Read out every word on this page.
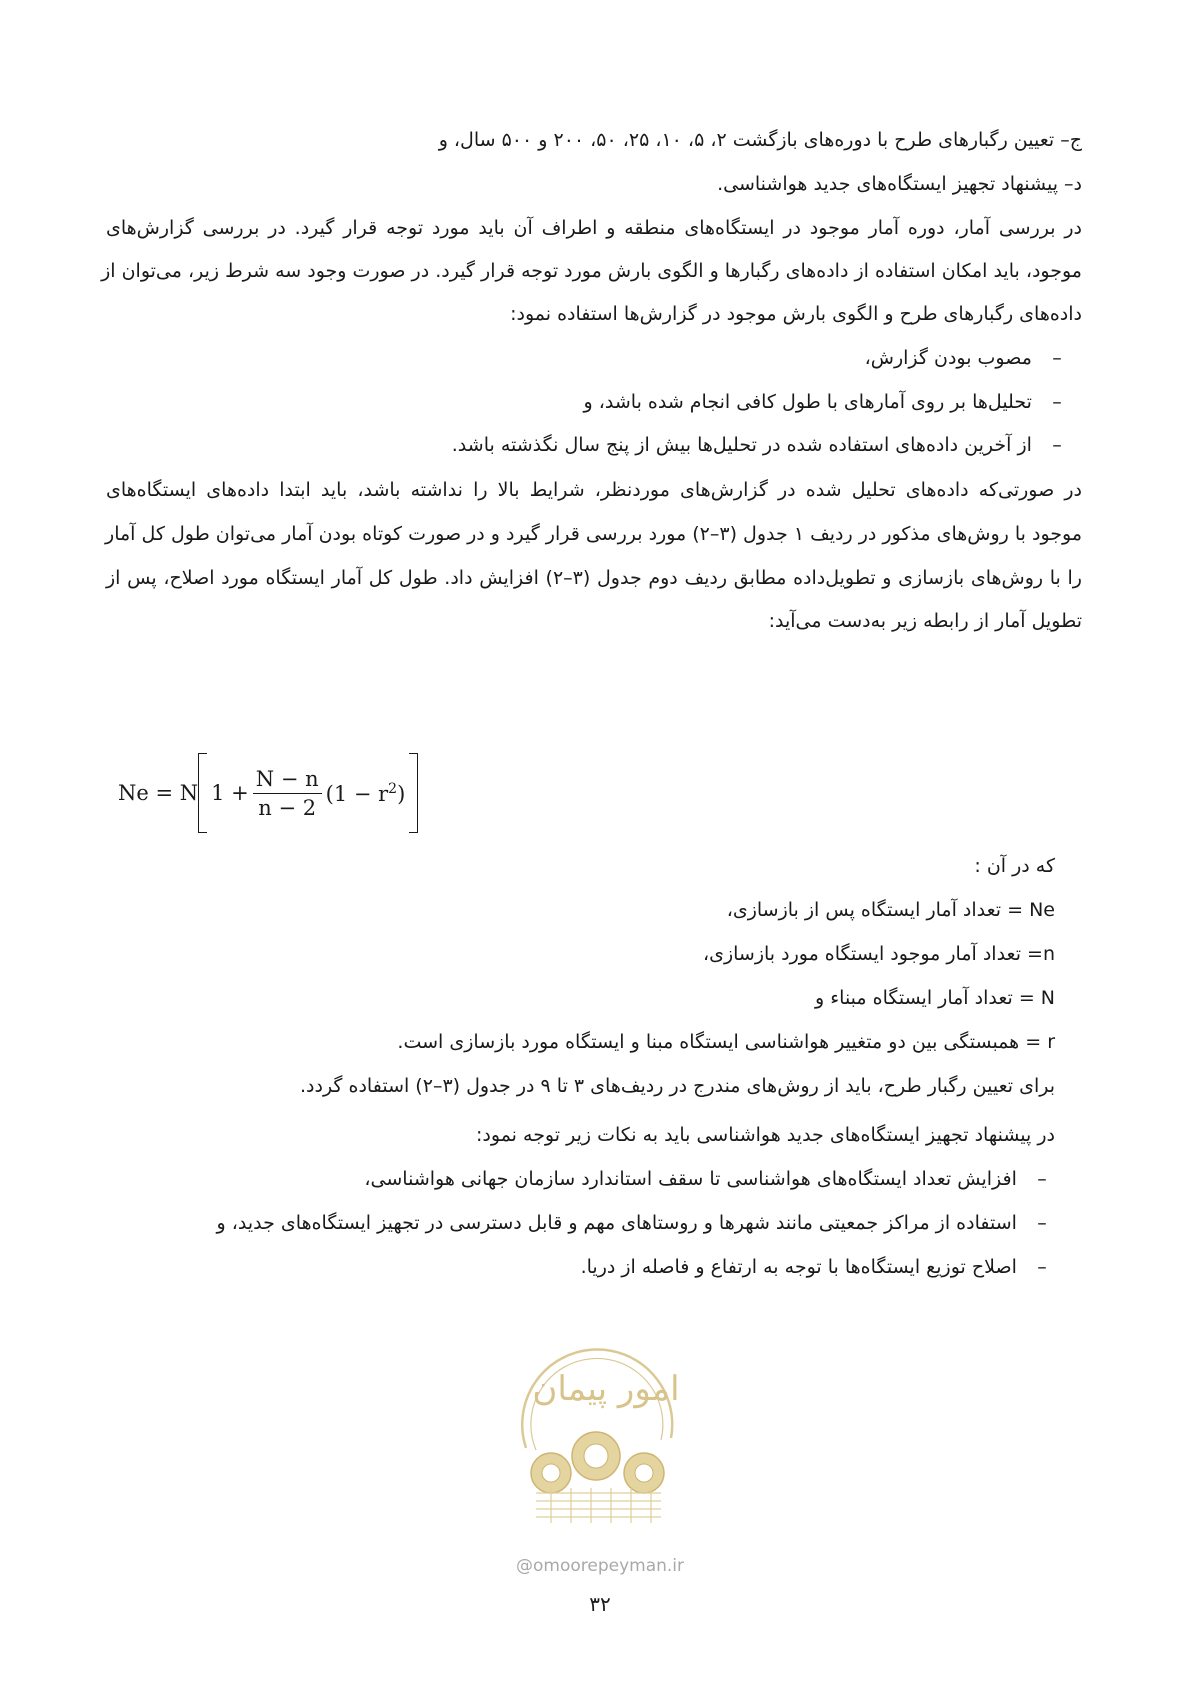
ج– تعیین رگبارهای طرح با دوره‌های بازگشت ۲، ۵، ۱۰، ۲۵، ۵۰، ۲۰۰ و ۵۰۰ سال، و
د– پیشنهاد تجهیز ایستگاه‌های جدید هواشناسی.
در بررسی آمار، دوره آمار موجود در ایستگاه‌های منطقه و اطراف آن باید مورد توجه قرار گیرد. در بررسی گزارش‌های
موجود، باید امکان استفاده از داده‌های رگبارها و الگوی بارش مورد توجه قرار گیرد. در صورت وجود سه شرط زیر، می‌توان از
داده‌های رگبارهای طرح و الگوی بارش موجود در گزارش‌ها استفاده نمود:
–  مصوب بودن گزارش،
–  تحلیل‌ها بر روی آمارهای با طول کافی انجام شده باشد، و
–  از آخرین داده‌های استفاده شده در تحلیل‌ها بیش از پنج سال نگذشته باشد.
در صورتی‌که داده‌های تحلیل شده در گزارش‌های موردنظر، شرایط بالا را نداشته باشد، باید ابتدا داده‌های ایستگاه‌های
موجود با روش‌های مذکور در ردیف ۱ جدول (۳–۲) مورد بررسی قرار گیرد و در صورت کوتاه بودن آمار می‌توان طول کل آمار
را با روش‌های بازسازی و تطویل‌داده مطابق ردیف دوم جدول (۳–۲) افزایش داد. طول کل آمار ایستگاه مورد اصلاح، پس از
تطویل آمار از رابطه زیر به‌دست می‌آید:
Ne = N $1 + \frac{N - n}{n - 2} (1 - r^2)$
که در آن :
Ne = تعداد آمار ایستگاه پس از بازسازی،
n= تعداد آمار موجود ایستگاه مورد بازسازی،
N = تعداد آمار ایستگاه مبناء و
r = همبستگی بین دو متغییر هواشناسی ایستگاه مبنا و ایستگاه مورد بازسازی است.
برای تعیین رگبار طرح، باید از روش‌های مندرج در ردیف‌های ۳ تا ۹ در جدول (۳–۲) استفاده گردد.
در پیشنهاد تجهیز ایستگاه‌های جدید هواشناسی باید به نکات زیر توجه نمود:
–  افزایش تعداد ایستگاه‌های هواشناسی تا سقف استاندارد سازمان جهانی هواشناسی،
–  استفاده از مراکز جمعیتی مانند شهرها و روستاهای مهم و قابل دسترسی در تجهیز ایستگاه‌های جدید، و
–  اصلاح توزیع ایستگاه‌ها با توجه به ارتفاع و فاصله از دریا.
امور پیمان
@omoorepeyman.ir
۳۲
